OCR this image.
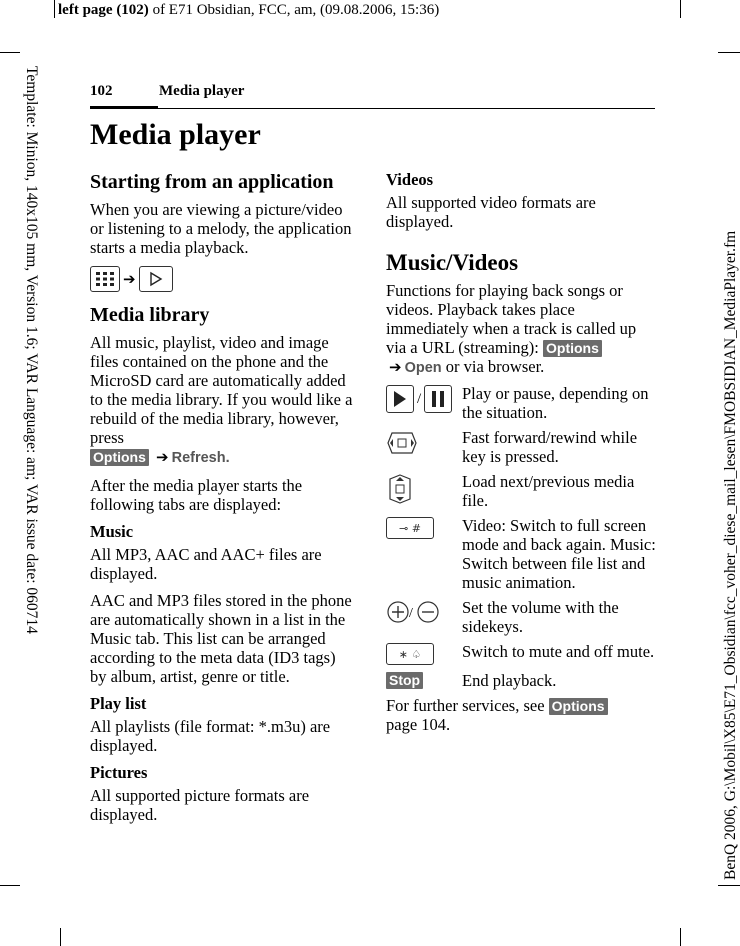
left page (102) of E71 Obsidian, FCC, am, (09.08.2006, 15:36)
Template: Minion, 140x105 mm, Version 1.6; VAR Language: am; VAR issue date: 060714	BenQ 2006, G:\Mobil\X85\E71_Obsidian\fcc_voher_diese_mail_lesen\FMOBSIDIAN_MediaPlayer.fm
102	Media player
Media player
Starting from an application

When you are viewing a picture/video or listening to a melody, the application starts a media playback.

➔
Media library

All music, playlist, video and image files contained on the phone and the MicroSD card are automatically added to the media library. If you would like a rebuild of the media library, however, press
Options ➔ Refresh.

After the media player starts the following tabs are displayed:

Music

All MP3, AAC and AAC+ files are displayed.

AAC and MP3 files stored in the phone are automatically shown in a list in the Music tab. This list can be arranged according to the meta data (ID3 tags) by album, artist, genre or title.

Play list

All playlists (file format: *.m3u) are displayed.

Pictures

All supported picture formats are displayed.

Videos

All supported video formats are displayed.

Music/Videos

Functions for playing back songs or videos. Playback takes place immediately when a track is called up via a URL (streaming): Options ➔ Open or via browser.

/ Play or pause, depending on the situation.
Fast forward/rewind while key is pressed.
Load next/previous media file.
⊸ #	Video: Switch to full screen mode and back again. Music: Switch between file list and music animation.
/	Set the volume with the sidekeys.
∗ ♤	Switch to mute and off mute.
Stop	End playback.

For further services, see Options
page 104.
